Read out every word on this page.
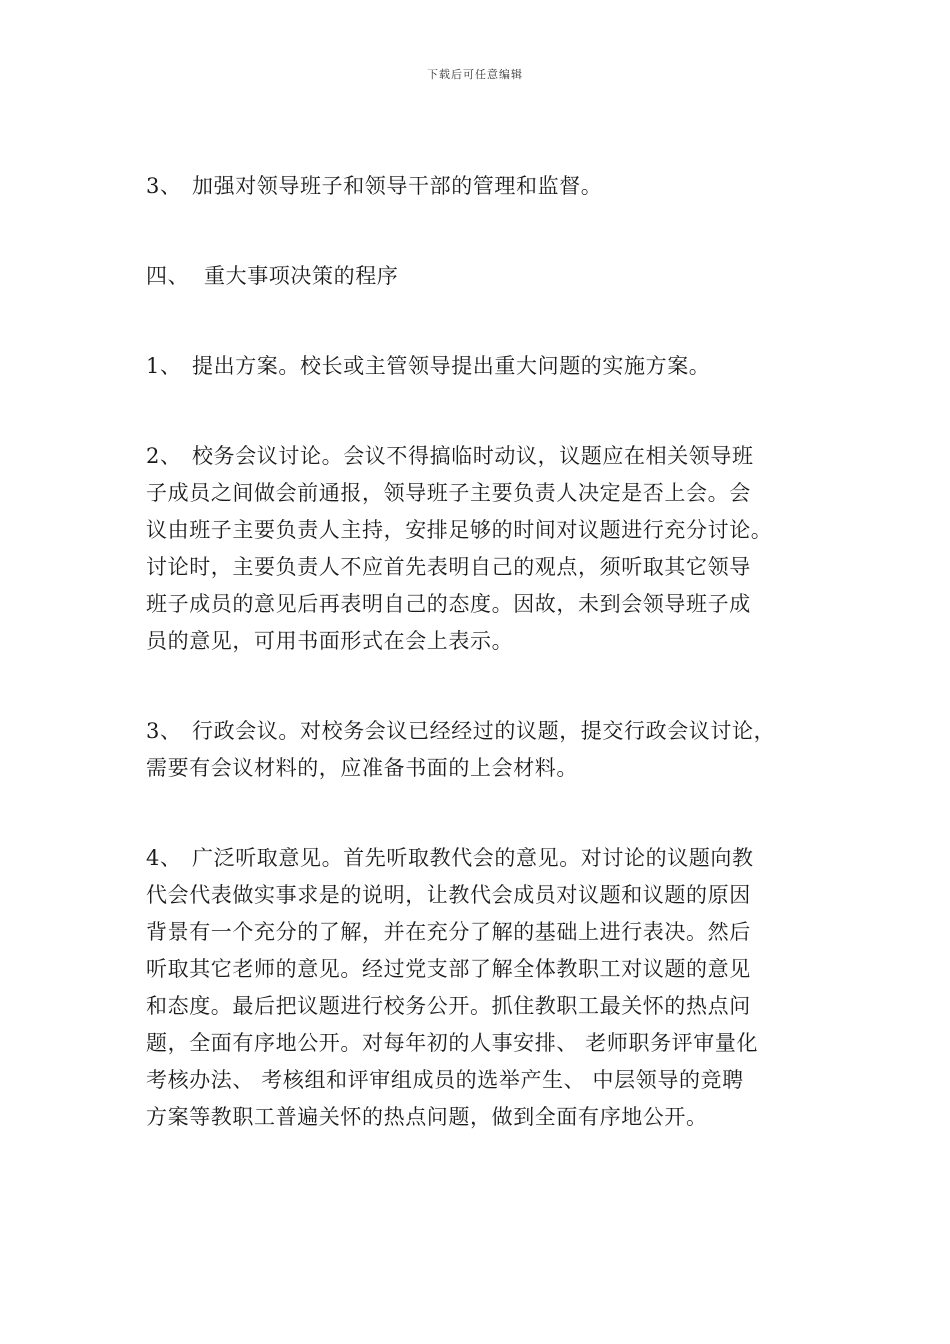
下载后可任意编辑

3、 加强对领导班子和领导干部的管理和监督。

四、 重大事项决策的程序

1、 提出方案。校长或主管领导提出重大问题的实施方案。

2、 校务会议讨论。会议不得搞临时动议，议题应在相关领导班
子成员之间做会前通报，领导班子主要负责人决定是否上会。会
议由班子主要负责人主持，安排足够的时间对议题进行充分讨论。
讨论时，主要负责人不应首先表明自己的观点，须听取其它领导
班子成员的意见后再表明自己的态度。因故，未到会领导班子成
员的意见，可用书面形式在会上表示。
3、 行政会议。对校务会议已经经过的议题，提交行政会议讨论，
需要有会议材料的，应准备书面的上会材料。
4、 广泛听取意见。首先听取教代会的意见。对讨论的议题向教
代会代表做实事求是的说明，让教代会成员对议题和议题的原因
背景有一个充分的了解，并在充分了解的基础上进行表决。然后
听取其它老师的意见。经过党支部了解全体教职工对议题的意见
和态度。最后把议题进行校务公开。抓住教职工最关怀的热点问
题，全面有序地公开。对每年初的人事安排、 老师职务评审量化
考核办法、 考核组和评审组成员的选举产生、 中层领导的竞聘
方案等教职工普遍关怀的热点问题，做到全面有序地公开。
